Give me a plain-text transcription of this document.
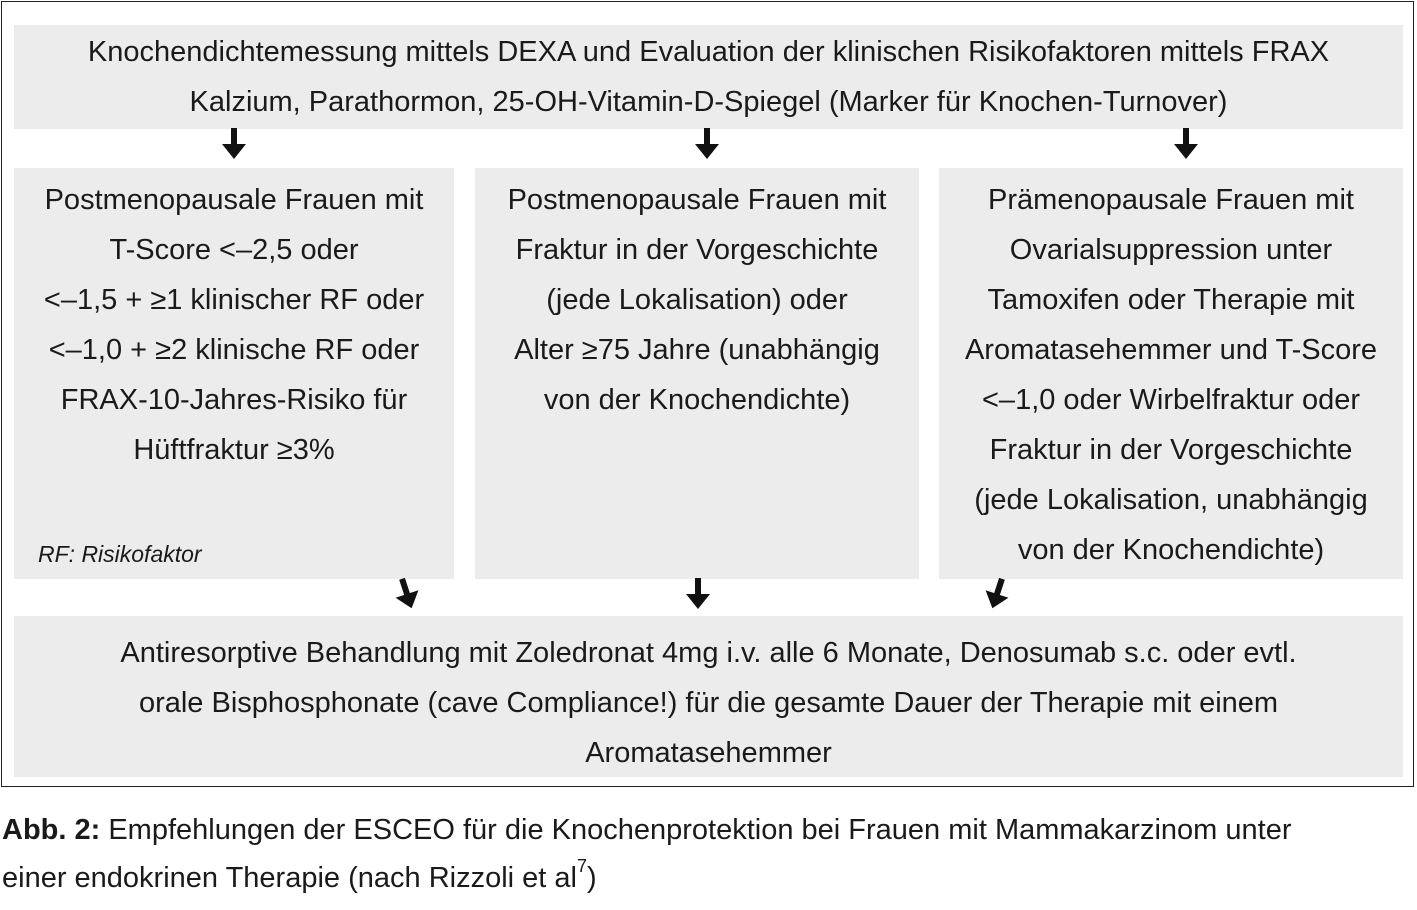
Knochendichtemessung mittels DEXA und Evaluation der klinischen Risikofaktoren mittels FRAX
Kalzium, Parathormon, 25-OH-Vitamin-D-Spiegel (Marker für Knochen-Turnover)
Postmenopausale Frauen mit
T-Score <–2,5 oder
<–1,5 + ≥1 klinischer RF oder
<–1,0 + ≥2 klinische RF oder
FRAX-10-Jahres-Risiko für
Hüftfraktur ≥3%
RF: Risikofaktor
Postmenopausale Frauen mit
Fraktur in der Vorgeschichte
(jede Lokalisation) oder
Alter ≥75 Jahre (unabhängig
von der Knochendichte)
Prämenopausale Frauen mit
Ovarialsuppression unter
Tamoxifen oder Therapie mit
Aromatasehemmer und T-Score
<–1,0 oder Wirbelfraktur oder
Fraktur in der Vorgeschichte
(jede Lokalisation, unabhängig
von der Knochendichte)
Antiresorptive Behandlung mit Zoledronat 4mg i.v. alle 6 Monate, Denosumab s.c. oder evtl.
orale Bisphosphonate (cave Compliance!) für die gesamte Dauer der Therapie mit einem
Aromatasehemmer
Abb. 2: Empfehlungen der ESCEO für die Knochenprotektion bei Frauen mit Mammakarzinom unter
einer endokrinen Therapie (nach Rizzoli et $al^7$)
